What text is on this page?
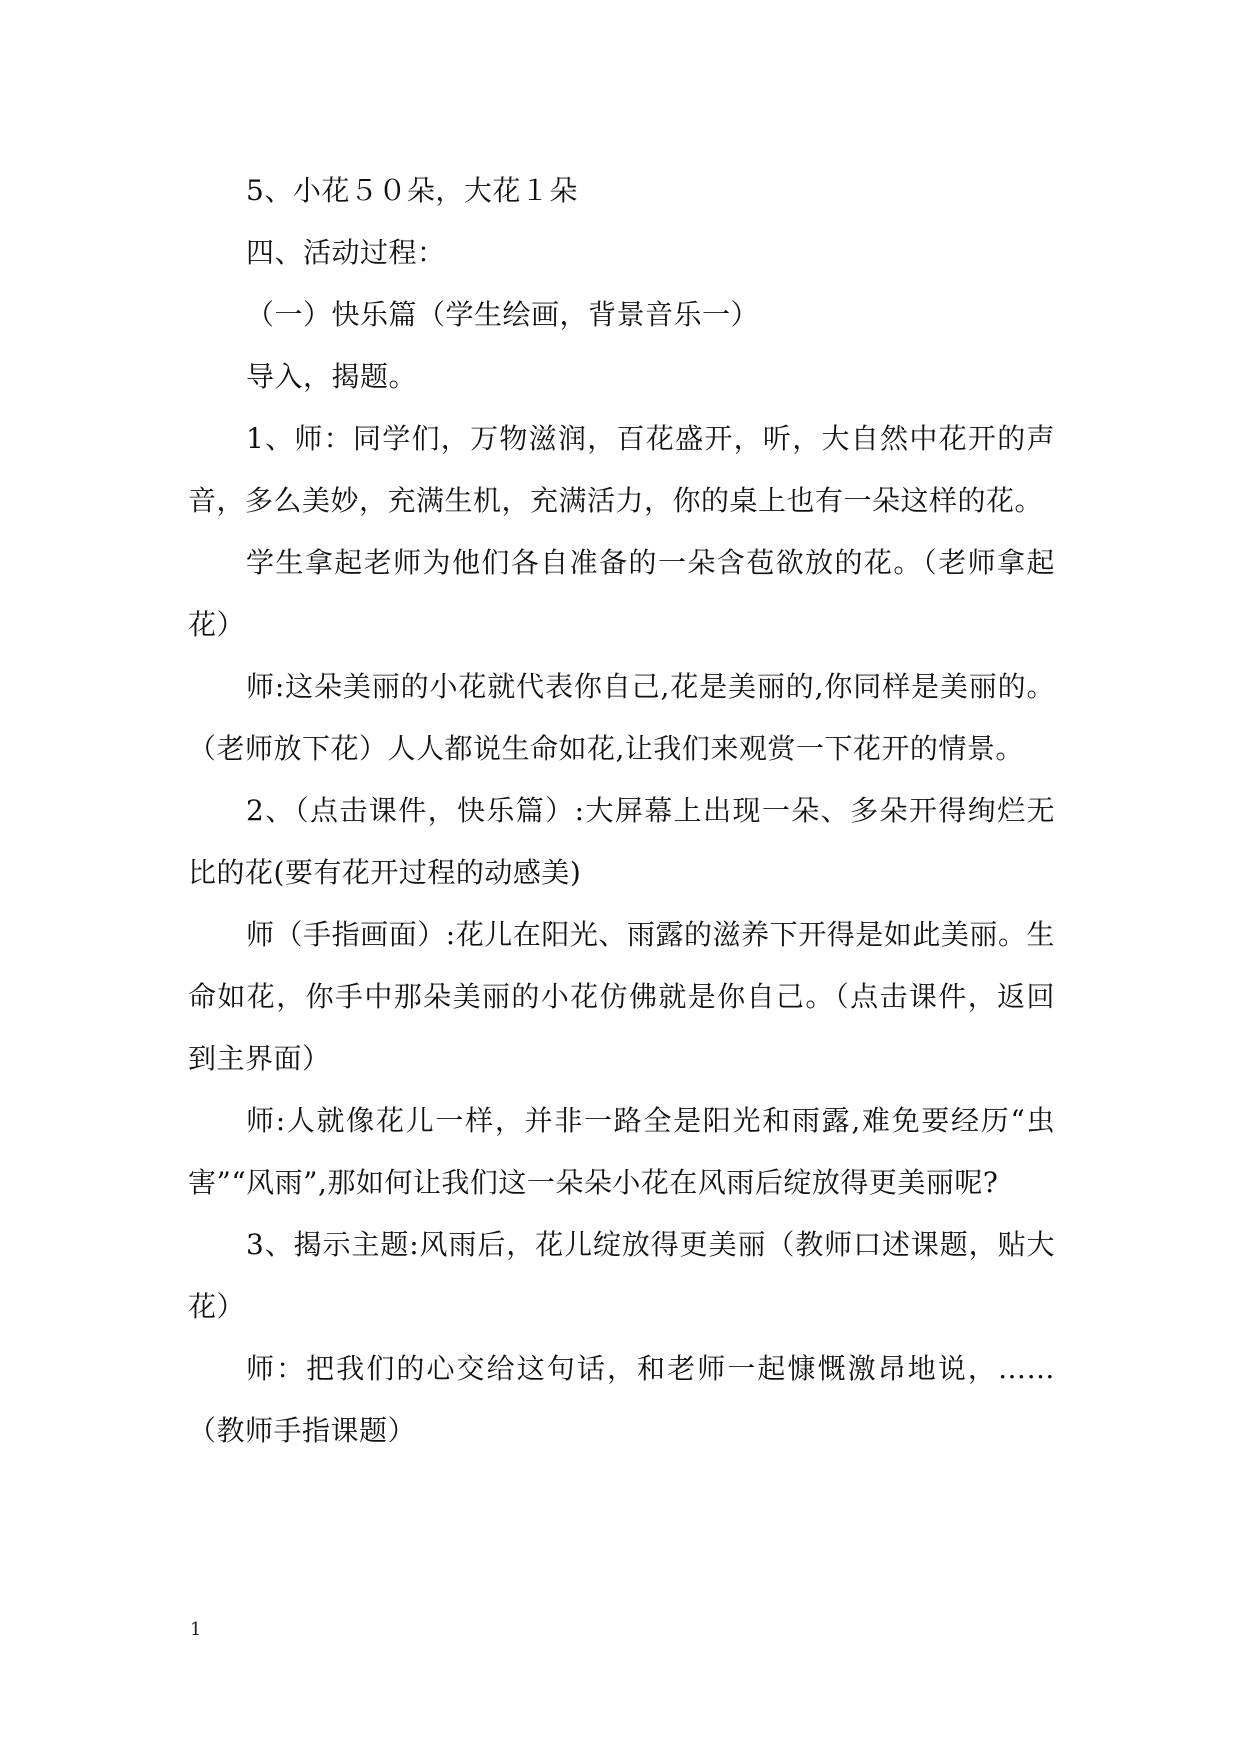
5、小花５０朵，大花１朵

四、活动过程：

（一）快乐篇（学生绘画，背景音乐一）

导入，揭题。

1、师：同学们，万物滋润，百花盛开，听，大自然中花开的声音，多么美妙，充满生机，充满活力，你的桌上也有一朵这样的花。

学生拿起老师为他们各自准备的一朵含苞欲放的花。（老师拿起花）

师:这朵美丽的小花就代表你自己,花是美丽的,你同样是美丽的。（老师放下花）人人都说生命如花,让我们来观赏一下花开的情景。

2、（点击课件，快乐篇）:大屏幕上出现一朵、多朵开得绚烂无比的花(要有花开过程的动感美)

师（手指画面）:花儿在阳光、雨露的滋养下开得是如此美丽。生命如花，你手中那朵美丽的小花仿佛就是你自己。（点击课件，返回到主界面）

师:人就像花儿一样，并非一路全是阳光和雨露,难免要经历“虫害”“风雨”,那如何让我们这一朵朵小花在风雨后绽放得更美丽呢?

3、揭示主题:风雨后，花儿绽放得更美丽（教师口述课题，贴大花）

师：把我们的心交给这句话，和老师一起慷慨激昂地说，……（教师手指课题）

1
